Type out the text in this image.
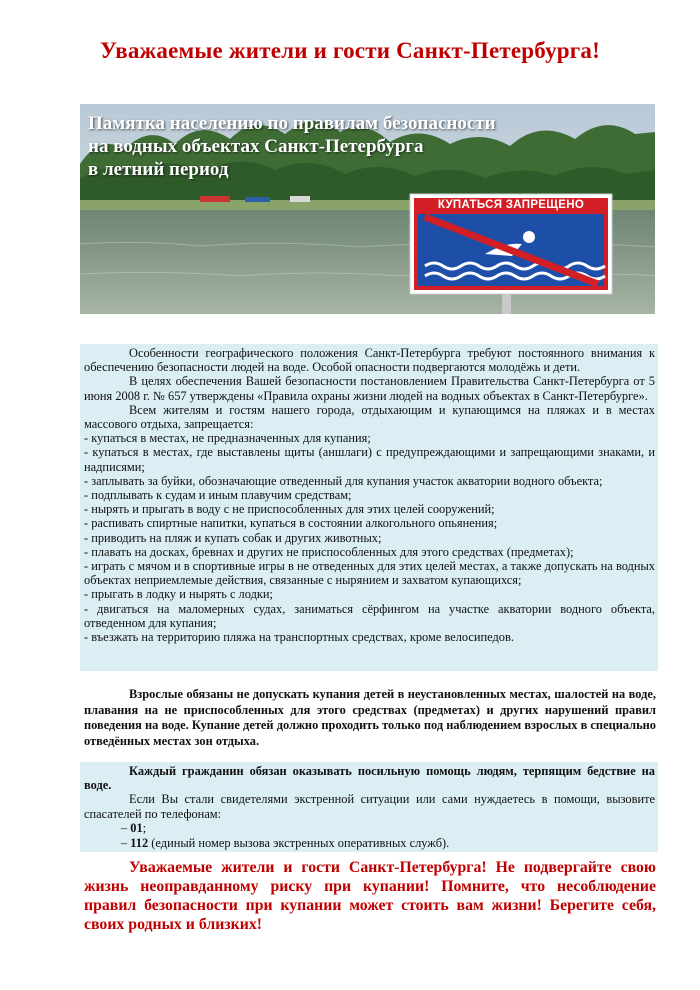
Уважаемые жители и гости Санкт-Петербурга!
КУПАТЬСЯ ЗАПРЕЩЕНО
Памятка населению по правилам безопасности
на водных объектах Санкт-Петербурга
в летний период

Особенности географического положения Санкт-Петербурга требуют постоянного внимания к обеспечению безопасности людей на воде. Особой опасности подвергаются молодёжь и дети.

В целях обеспечения Вашей безопасности постановлением Правительства Санкт-Петербурга от 5 июня 2008 г. № 657 утверждены «Правила охраны жизни людей на водных объектах в Санкт-Петербурге».

Всем жителям и гостям нашего города, отдыхающим и купающимся на пляжах и в местах массового отдыха, запрещается:

- купаться в местах, не предназначенных для купания;
- купаться в местах, где выставлены щиты (аншлаги) с предупреждающими и запрещающими знаками, и надписями;
- заплывать за буйки, обозначающие отведенный для купания участок акватории водного объекта;
- подплывать к судам и иным плавучим средствам;
- нырять и прыгать в воду с не приспособленных для этих целей сооружений;
- распивать спиртные напитки, купаться в состоянии алкогольного опьянения;
- приводить на пляж и купать собак и других животных;
- плавать на досках, бревнах и других не приспособленных для этого средствах (предметах);
- играть с мячом и в спортивные игры в не отведенных для этих целей местах, а также допускать на водных объектах неприемлемые действия, связанные с нырянием и захватом купающихся;
- прыгать в лодку и нырять с лодки;
- двигаться на маломерных судах, заниматься сёрфингом на участке акватории водного объекта, отведенном для купания;
- въезжать на территорию пляжа на транспортных средствах, кроме велосипедов.

Взрослые обязаны не допускать купания детей в неустановленных местах, шалостей на воде, плавания на не приспособленных для этого средствах (предметах) и других нарушений правил поведения на воде. Купание детей должно проходить только под наблюдением взрослых в специально отведённых местах зон отдыха.

Каждый гражданин обязан оказывать посильную помощь людям, терпящим бедствие на воде.

Если Вы стали свидетелями экстренной ситуации или сами нуждаетесь в помощи, вызовите спасателей по телефонам:

– 01;
– 112 (единый номер вызова экстренных оперативных служб).

Уважаемые жители и гости Санкт-Петербурга! Не подвергайте свою жизнь неоправданному риску при купании! Помните, что несоблюдение правил безопасности при купании может стоить вам жизни! Берегите себя, своих родных и близких!
